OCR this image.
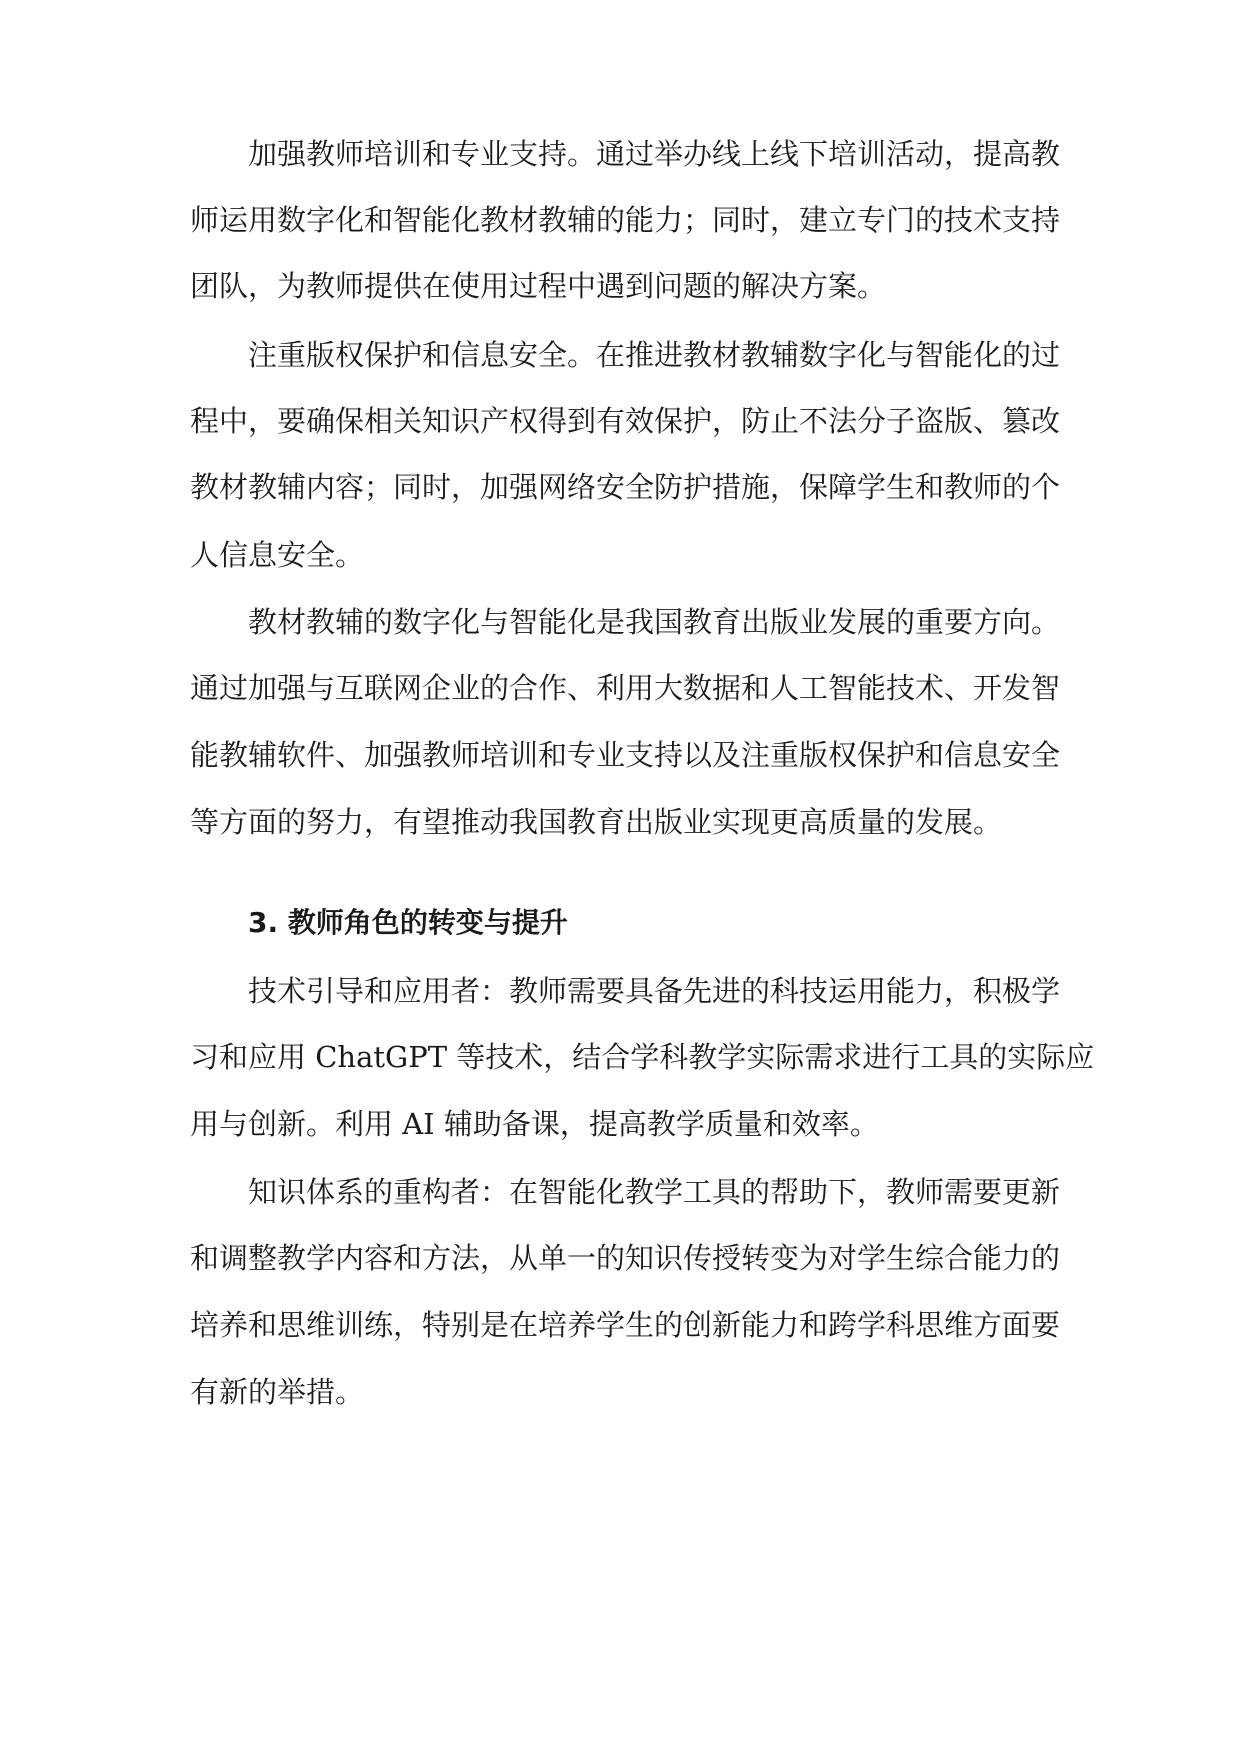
加强教师培训和专业支持。通过举办线上线下培训活动，提高教
师运用数字化和智能化教材教辅的能力；同时，建立专门的技术支持
团队，为教师提供在使用过程中遇到问题的解决方案。
注重版权保护和信息安全。在推进教材教辅数字化与智能化的过
程中，要确保相关知识产权得到有效保护，防止不法分子盗版、篡改
教材教辅内容；同时，加强网络安全防护措施，保障学生和教师的个
人信息安全。
教材教辅的数字化与智能化是我国教育出版业发展的重要方向。
通过加强与互联网企业的合作、利用大数据和人工智能技术、开发智
能教辅软件、加强教师培训和专业支持以及注重版权保护和信息安全
等方面的努力，有望推动我国教育出版业实现更高质量的发展。
3. 教师角色的转变与提升
技术引导和应用者：教师需要具备先进的科技运用能力，积极学
习和应用 ChatGPT 等技术，结合学科教学实际需求进行工具的实际应
用与创新。利用 AI 辅助备课，提高教学质量和效率。
知识体系的重构者：在智能化教学工具的帮助下，教师需要更新
和调整教学内容和方法，从单一的知识传授转变为对学生综合能力的
培养和思维训练，特别是在培养学生的创新能力和跨学科思维方面要
有新的举措。
